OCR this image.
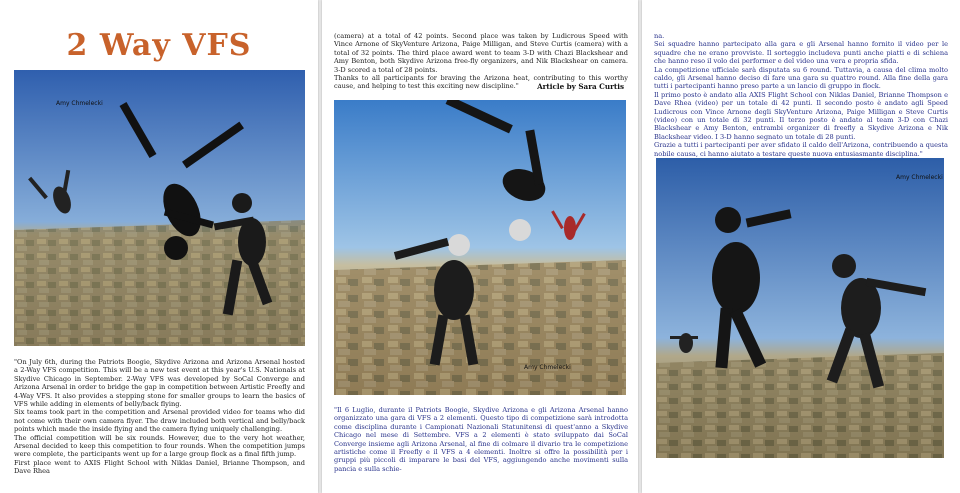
2 Way VFS
Amy Chmelecki

"On July 6th, during the Patriots Boogie, Skydive Arizona and Arizona Arsenal hosted a 2-Way VFS competition. This will be a new test event at this year's U.S. Nationals at Skydive Chicago in September. 2-Way VFS was developed by SoCal Converge and Arizona Arsenal in order to bridge the gap in competition between Artistic Freefly and 4-Way VFS. It also provides a stepping stone for smaller groups to learn the basics of VFS while adding in elements of belly/back flying.

Six teams took part in the competition and Arsenal provided video for teams who did not come with their own camera flyer. The draw included both vertical and belly/back points which made the inside flying and the camera flying uniquely challenging.

The official competition will be six rounds. However, due to the very hot weather, Arsenal decided to keep this competition to four rounds. When the competition jumps were complete, the participants went up for a large group flock as a final fifth jump.

First place went to AXIS Flight School with Niklas Daniel, Brianne Thompson, and Dave Rhea

(camera) at a total of 42 points. Second place was taken by Ludicrous Speed with Vince Arnone of SkyVenture Arizona, Paige Milligan, and Steve Curtis (camera) with a total of 32 points. The third place award went to team 3-D with Chazi Blackshear and Amy Benton, both Skydive Arizona free-fly organizers, and Nik Blackshear on camera. 3-D scored a total of 28 points.

Thanks to all participants for braving the Arizona heat, contributing to this worthy cause, and helping to test this exciting new discipline."	Article by Sara Curtis
Amy Chmelecki

"Il 6 Luglio, durante il Patriots Boogie, Skydive Arizona e gli Arizona Arsenal hanno organizzato una gara di VFS a 2 elementi. Questo tipo di competizione sarà introdotta come disciplina durante i Campionati Nazionali Statunitensi di quest'anno a Skydive Chicago nel mese di Settembre. VFS a 2 elementi è stato sviluppato dai SoCal Converge insieme agli Arizona Arsenal, al fine di colmare il divario tra le competizione artistiche come il Freefly e il VFS a 4 elementi. Inoltre si offre la possibilità per i gruppi più piccoli di imparare le basi del VFS, aggiungendo anche movimenti sulla pancia e sulla schie-

na.

Sei squadre hanno partecipato alla gara e gli Arsenal hanno fornito il video per le squadre che ne erano provviste. Il sorteggio includeva punti anche piatti e di schiena che hanno reso il volo dei performer e del video una vera e propria sfida.

La competizione ufficiale sarà disputata su 6 round. Tuttavia, a causa del clima molto caldo, gli Arsenal hanno deciso di fare una gara su quattro round. Alla fine della gara tutti i partecipanti hanno preso parte a un lancio di gruppo in flock.

Il primo posto è andato alla AXIS Flight School con Niklas Daniel, Brianne Thompson e Dave Rhea (video) per un totale di 42 punti. Il secondo posto è andato agli Speed Ludicrous con Vince Arnone degli SkyVenture Arizona, Paige Milligan e Steve Curtis (video) con un totale di 32 punti. Il terzo posto è andato al team 3-D con Chazi Blackshear e Amy Benton, entrambi organizer di freefly a Skydive Arizona e Nik Blackshear video. I 3-D hanno segnato un totale di 28 punti.

Grazie a tutti i partecipanti per aver sfidato il caldo dell'Arizona, contribuendo a questa nobile causa, ci hanno aiutato a testare queste nuova entusiasmante disciplina."

Amy Chmelecki
